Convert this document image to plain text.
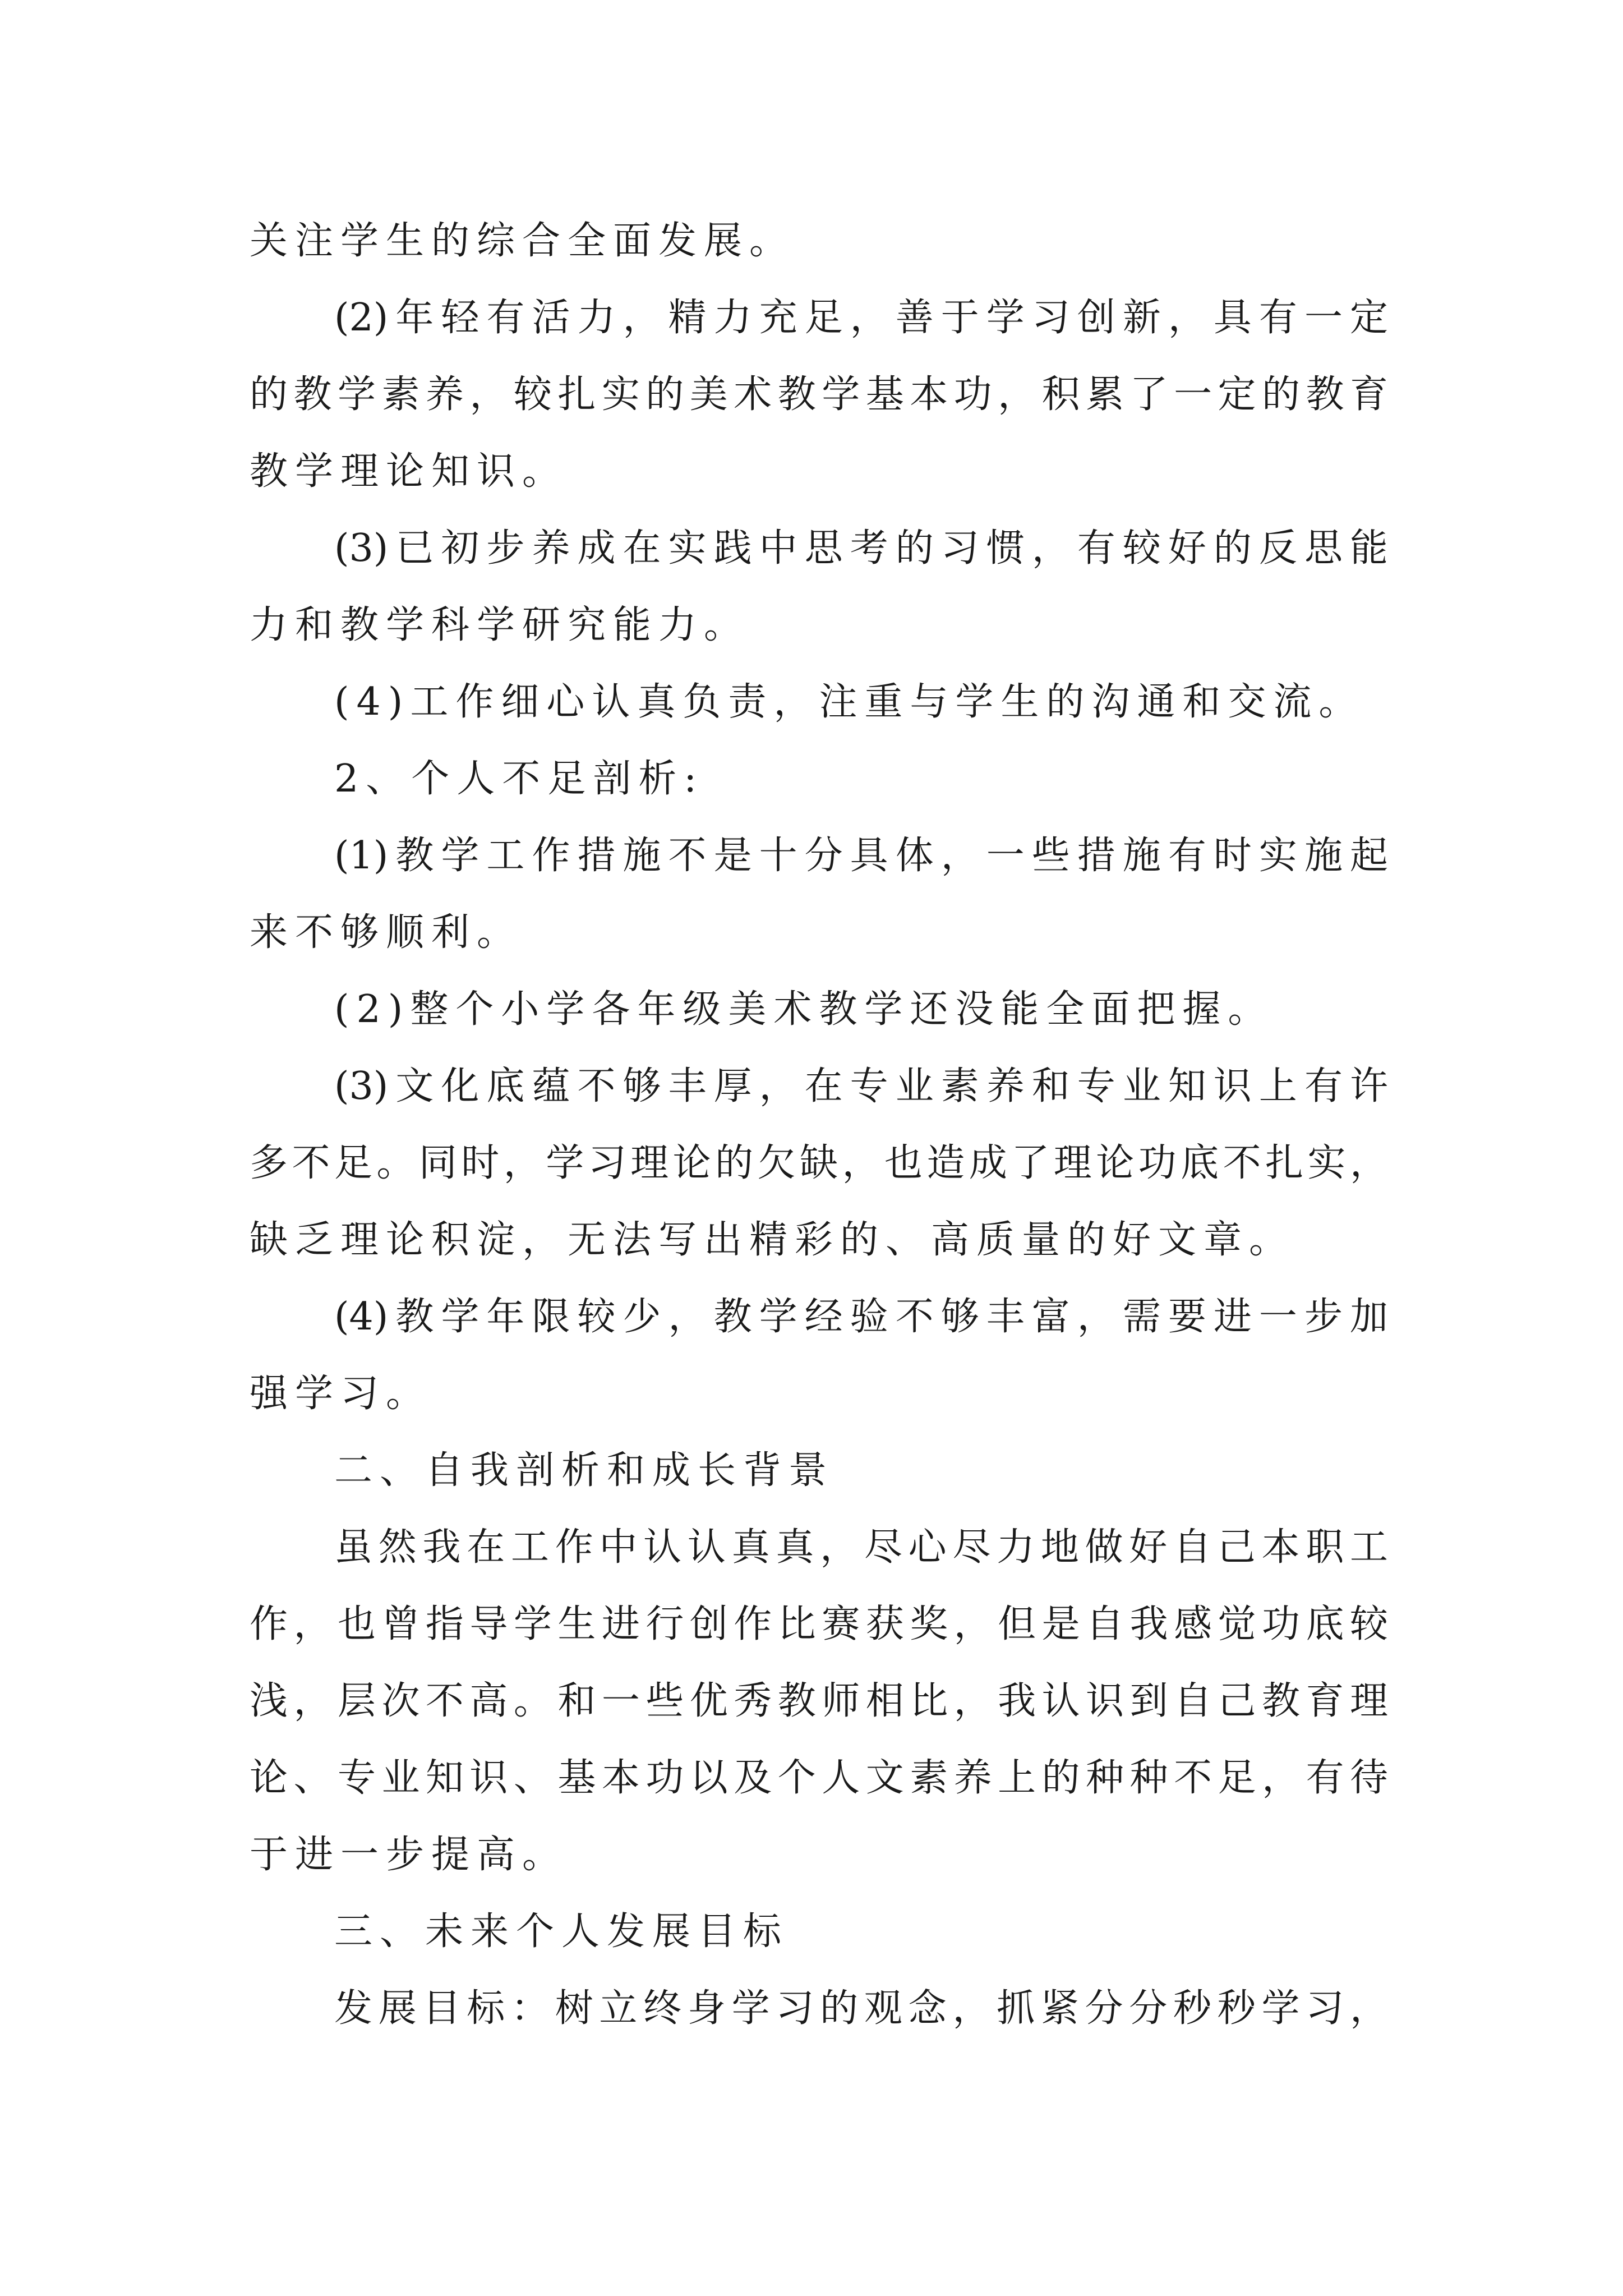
关注学生的综合全面发展。
(2)年轻有活力，精力充足，善于学习创新，具有一定
的教学素养，较扎实的美术教学基本功，积累了一定的教育
教学理论知识。
(3)已初步养成在实践中思考的习惯，有较好的反思能
力和教学科学研究能力。
(4)工作细心认真负责，注重与学生的沟通和交流。
2、个人不足剖析:
(1)教学工作措施不是十分具体，一些措施有时实施起
来不够顺利。
(2)整个小学各年级美术教学还没能全面把握。
(3)文化底蕴不够丰厚，在专业素养和专业知识上有许
多不足。同时，学习理论的欠缺，也造成了理论功底不扎实，
缺乏理论积淀，无法写出精彩的、高质量的好文章。
(4)教学年限较少，教学经验不够丰富，需要进一步加
强学习。
二、自我剖析和成长背景
虽然我在工作中认认真真，尽心尽力地做好自己本职工
作，也曾指导学生进行创作比赛获奖，但是自我感觉功底较
浅，层次不高。和一些优秀教师相比，我认识到自己教育理
论、专业知识、基本功以及个人文素养上的种种不足，有待
于进一步提高。
三、未来个人发展目标
发展目标：树立终身学习的观念，抓紧分分秒秒学习，
